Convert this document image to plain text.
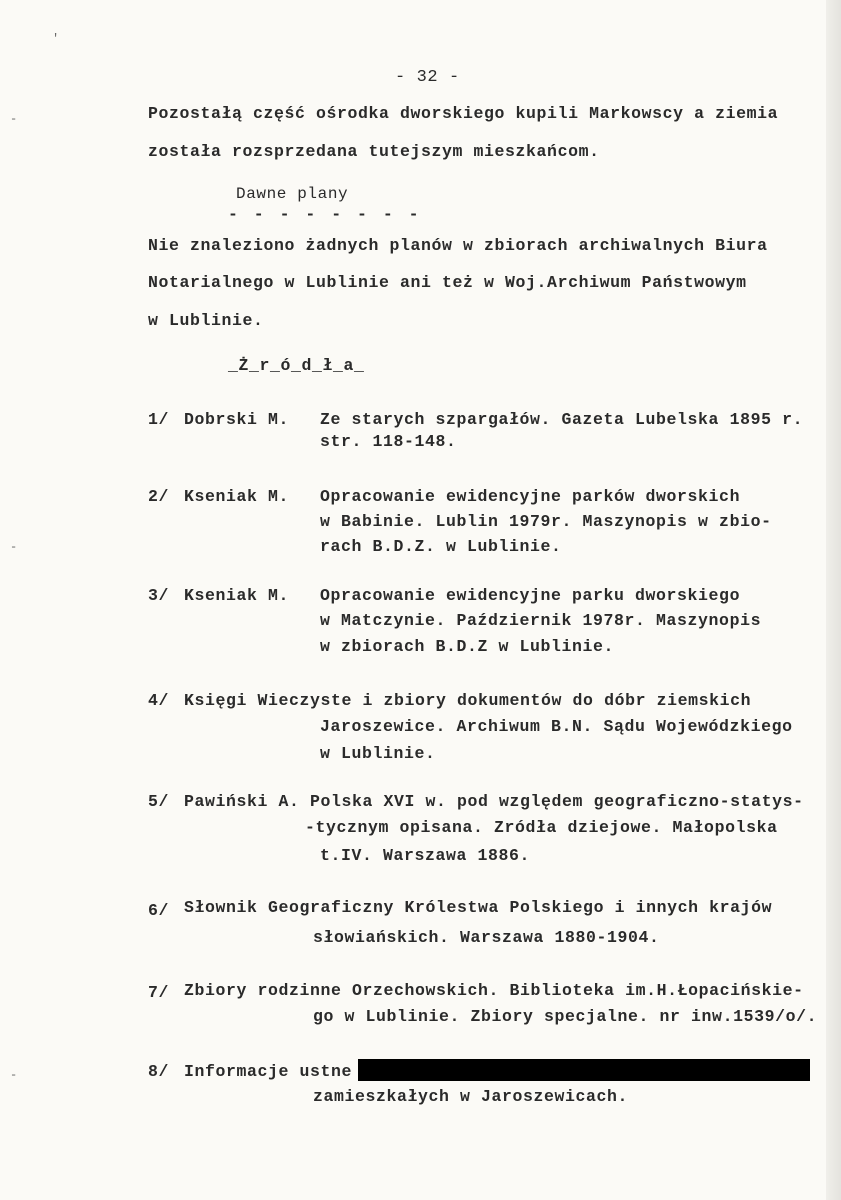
- 32 -
Pozostałą część ośrodka dworskiego kupili Markowscy a ziemia
została rozsprzedana tutejszym mieszkańcom.
Dawne plany
- - - - - - - -
Nie znaleziono żadnych planów w zbiorach archiwalnych Biura
Notarialnego w Lublinie ani też w Woj.Archiwum Państwowym
w Lublinie.
_Ż_r_ó_d_ł_a_
1/ Dobrski M. Ze starych szpargałów. Gazeta Lubelska 1895 r.
str. 118-148.
2/ Kseniak M. Opracowanie ewidencyjne parków dworskich
w Babinie. Lublin 1979r. Maszynopis w zbio-
rach B.D.Z. w Lublinie.
3/ Kseniak M. Opracowanie ewidencyjne parku dworskiego
w Matczynie. Październik 1978r. Maszynopis
w zbiorach B.D.Z w Lublinie.
4/ Księgi Wieczyste i zbiory dokumentów do dóbr ziemskich
Jaroszewice. Archiwum B.N. Sądu Wojewódzkiego
w Lublinie.
5/ Pawiński A. Polska XVI w. pod względem geograficzno-statys-
-tycznym opisana. Zródła dziejowe. Małopolska
t.IV. Warszawa 1886.
6/ Słownik Geograficzny Królestwa Polskiego i innych krajów
słowiańskich. Warszawa 1880-1904.
7/ Zbiory rodzinne Orzechowskich. Biblioteka im.H.Łopacińskie-
go w Lublinie. Zbiory specjalne. nr inw.1539/o/.
8/ Informacje ustne
zamieszkałych w Jaroszewicach.
'
-
-
-
